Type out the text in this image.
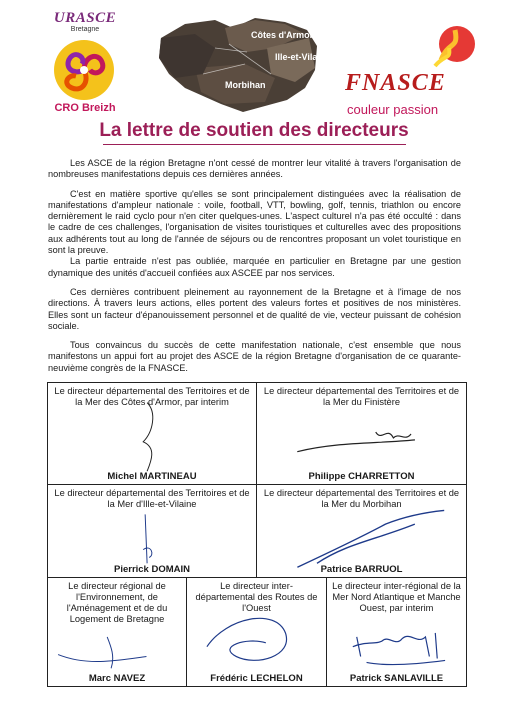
URASCE
Bretagne
CRO Breizh
Côtes d'Armor
Ille-et-Vilaine
Morbihan	FNASCE
couleur passion
La lettre de soutien des directeurs

Les ASCE de la région Bretagne n'ont cessé de montrer leur vitalité à travers l'organisation de nombreuses manifestations depuis ces dernières années.

C'est en matière sportive qu'elles se sont principalement distinguées avec la réalisation de manifestations d'ampleur nationale : voile, football, VTT, bowling, golf, tennis, triathlon ou encore dernièrement le raid cyclo pour n'en citer quelques-unes. L'aspect culturel n'a pas été occulté : dans le cadre de ces challenges, l'organisation de visites touristiques et culturelles avec des propositions aux adhérents tout au long de l'année de séjours ou de rencontres proposant un volet touristique en sont la preuve.

La partie entraide n'est pas oubliée, marquée en particulier en Bretagne par une gestion dynamique des unités d'accueil confiées aux ASCEE par nos services.

Ces dernières contribuent pleinement au rayonnement de la Bretagne et à l'image de nos directions. À travers leurs actions, elles portent des valeurs fortes et positives de nos ministères. Elles sont un facteur d'épanouissement personnel et de qualité de vie, vecteur puissant de cohésion sociale.

Tous convaincus du succès de cette manifestation nationale, c'est ensemble que nous manifestons un appui fort au projet des ASCE de la région Bretagne d'organisation de ce quarante-neuvième congrès de la FNASCE.

Le directeur départemental des Territoires et de la Mer des Côtes d'Armor, par interim
Michel MARTINEAU
Le directeur départemental des Territoires et de la Mer du Finistère
Philippe CHARRETTON
Le directeur départemental des Territoires et de la Mer d'Ille-et-Vilaine
Pierrick DOMAIN
Le directeur départemental des Territoires et de la Mer du Morbihan
Patrice BARRUOL
Le directeur régional de l'Environnement, de l'Aménagement et de du Logement de Bretagne
Marc NAVEZ
Le directeur inter-départemental des Routes de l'Ouest
Frédéric LECHELON
Le directeur inter-régional de la Mer Nord Atlantique et Manche Ouest, par interim
Patrick SANLAVILLE
